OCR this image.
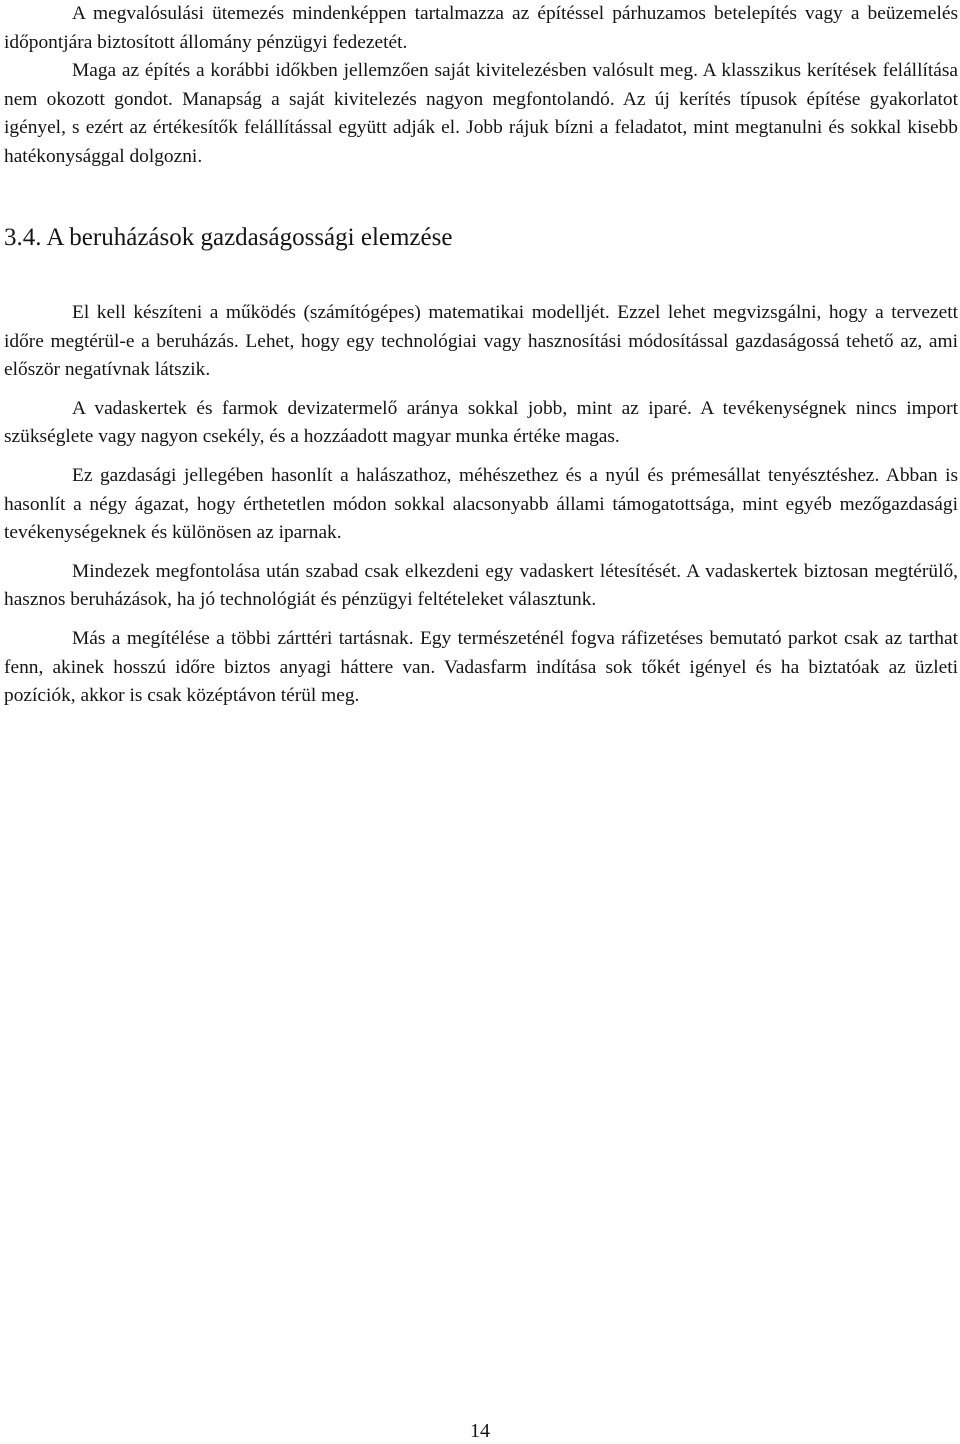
A megvalósulási ütemezés mindenképpen tartalmazza az építéssel párhuzamos betelepítés vagy a beüzemelés időpontjára biztosított állomány pénzügyi fedezetét.

Maga az építés a korábbi időkben jellemzően saját kivitelezésben valósult meg. A klasszikus kerítések felállítása nem okozott gondot. Manapság a saját kivitelezés nagyon megfontolandó. Az új kerítés típusok építése gyakorlatot igényel, s ezért az értékesítők felállítással együtt adják el. Jobb rájuk bízni a feladatot, mint megtanulni és sokkal kisebb hatékonysággal dolgozni.

3.4. A beruházások gazdaságossági elemzése

El kell készíteni a működés (számítógépes) matematikai modelljét. Ezzel lehet megvizsgálni, hogy a tervezett időre megtérül-e a beruházás. Lehet, hogy egy technológiai vagy hasznosítási módosítással gazdaságossá tehető az, ami először negatívnak látszik.

A vadaskertek és farmok devizatermelő aránya sokkal jobb, mint az iparé. A tevékenységnek nincs import szükséglete vagy nagyon csekély, és a hozzáadott magyar munka értéke magas.

Ez gazdasági jellegében hasonlít a halászathoz, méhészethez és a nyúl és prémesállat tenyésztéshez. Abban is hasonlít a négy ágazat, hogy érthetetlen módon sokkal alacsonyabb állami támogatottsága, mint egyéb mezőgazdasági tevékenységeknek és különösen az iparnak.

Mindezek megfontolása után szabad csak elkezdeni egy vadaskert létesítését. A vadaskertek biztosan megtérülő, hasznos beruházások, ha jó technológiát és pénzügyi feltételeket választunk.

Más a megítélése a többi zárttéri tartásnak. Egy természeténél fogva ráfizetéses bemutató parkot csak az tarthat fenn, akinek hosszú időre biztos anyagi háttere van. Vadasfarm indítása sok tőkét igényel és ha biztatóak az üzleti pozíciók, akkor is csak középtávon térül meg.

14
